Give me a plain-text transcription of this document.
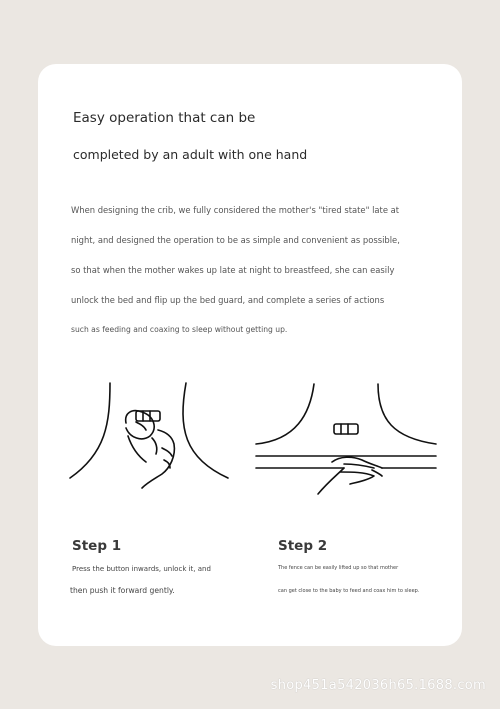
Easy operation that can be
completed by an adult with one hand
When designing the crib, we fully considered the mother's "tired state" late at
night, and designed the operation to be as simple and convenient as possible,
so that when the mother wakes up late at night to breastfeed, she can easily
unlock the bed and flip up the bed guard, and complete a series of actions
such as feeding and coaxing to sleep without getting up.
Step 1
Press the button inwards, unlock it, and
then push it forward gently.
Step 2
The fence can be easily lifted up so that mother
can get close to the baby to feed and coax him to sleep.
shop451a542036h65.1688.com
